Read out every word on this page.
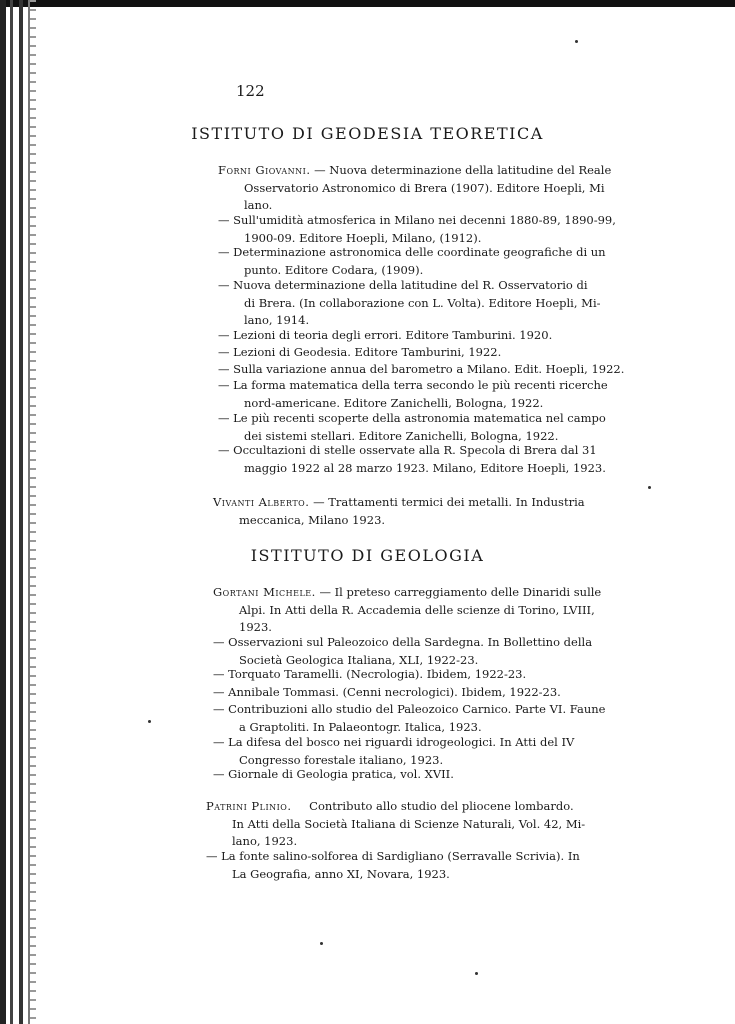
122
ISTITUTO DI GEODESIA TEORETICA
Forni Giovanni. — Nuova determinazione della latitudine del Reale
Osservatorio Astronomico di Brera (1907). Editore Hoepli, Mi
lano.
— Sull'umidità atmosferica in Milano nei decenni 1880-89, 1890-99,
1900-09. Editore Hoepli, Milano, (1912).
— Determinazione astronomica delle coordinate geografiche di un
punto. Editore Codara, (1909).
— Nuova determinazione della latitudine del R. Osservatorio di
di Brera. (In collaborazione con L. Volta). Editore Hoepli, Mi-
lano, 1914.
— Lezioni di teoria degli errori. Editore Tamburini. 1920.
— Lezioni di Geodesia. Editore Tamburini, 1922.
— Sulla variazione annua del barometro a Milano. Edit. Hoepli, 1922.
— La forma matematica della terra secondo le più recenti ricerche
nord-americane. Editore Zanichelli, Bologna, 1922.
— Le più recenti scoperte della astronomia matematica nel campo
dei sistemi stellari. Editore Zanichelli, Bologna, 1922.
— Occultazioni di stelle osservate alla R. Specola di Brera dal 31
maggio 1922 al 28 marzo 1923. Milano, Editore Hoepli, 1923.
Vivanti Alberto. — Trattamenti termici dei metalli. In Industria
meccanica, Milano 1923.
ISTITUTO DI GEOLOGIA
Gortani Michele. — Il preteso carreggiamento delle Dinaridi sulle
Alpi. In Atti della R. Accademia delle scienze di Torino, LVIII,
1923.
— Osservazioni sul Paleozoico della Sardegna. In Bollettino della
Società Geologica Italiana, XLI, 1922-23.
— Torquato Taramelli. (Necrologia). Ibidem, 1922-23.
— Annibale Tommasi. (Cenni necrologici). Ibidem, 1922-23.
— Contribuzioni allo studio del Paleozoico Carnico. Parte VI. Faune
a Graptoliti. In Palaeontogr. Italica, 1923.
— La difesa del bosco nei riguardi idrogeologici. In Atti del IV
Congresso forestale italiano, 1923.
— Giornale di Geologia pratica, vol. XVII.
Patrini Plinio. Contributo allo studio del pliocene lombardo.
In Atti della Società Italiana di Scienze Naturali, Vol. 42, Mi-
lano, 1923.
— La fonte salino-solforea di Sardigliano (Serravalle Scrivia). In
La Geografia, anno XI, Novara, 1923.
